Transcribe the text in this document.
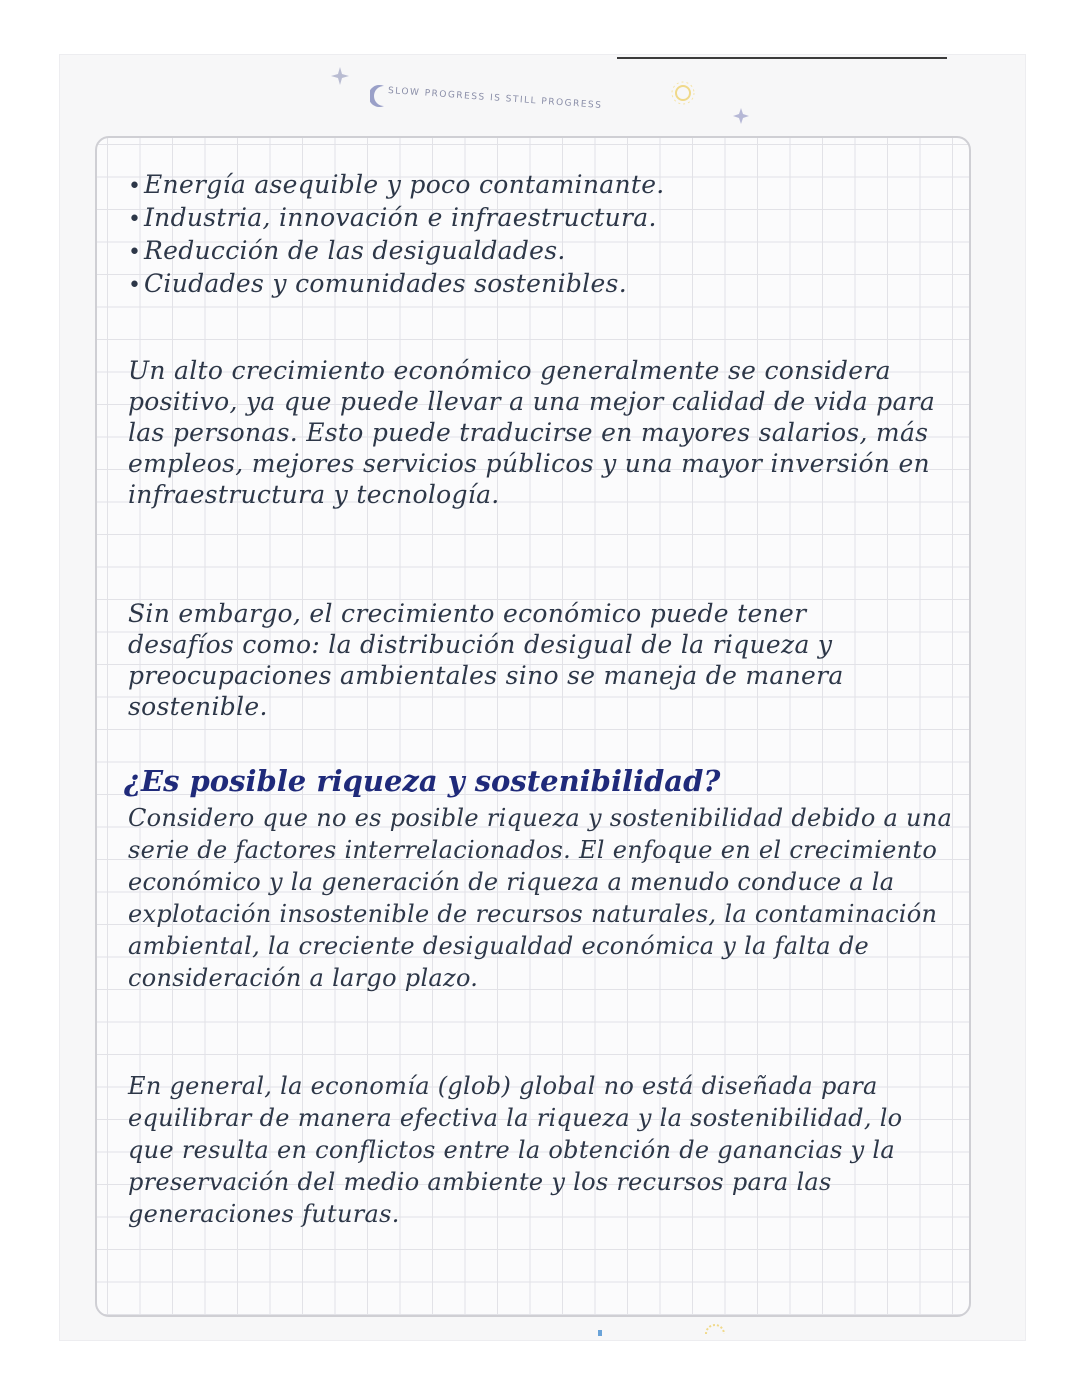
SLOW PROGRESS IS STILL PROGRESS
• Energía asequible y poco contaminante.
• Industria, innovación e infraestructura.
• Reducción de las desigualdades.
• Ciudades y comunidades sostenibles.
Un alto crecimiento económico generalmente se considera positivo, ya que puede llevar a una mejor calidad de vida para las personas. Esto puede traducirse en mayores salarios, más empleos, mejores servicios públicos y una mayor inversión en infraestructura y tecnología.
Sin embargo, el crecimiento económico puede tener desafíos como: la distribución desigual de la riqueza y preocupaciones ambientales sino se maneja de manera sostenible.
¿Es posible riqueza y sostenibilidad?
Considero que no es posible riqueza y sostenibilidad debido a una serie de factores interrelacionados. El enfoque en el crecimiento económico y la generación de riqueza a menudo conduce a la explotación insostenible de recursos naturales, la contaminación ambiental, la creciente desigualdad económica y la falta de consideración a largo plazo.
En general, la economía (glob) global no está diseñada para equilibrar de manera efectiva la riqueza y la sostenibilidad, lo que resulta en conflictos entre la obtención de ganancias y la preservación del medio ambiente y los recursos para las generaciones futuras.
